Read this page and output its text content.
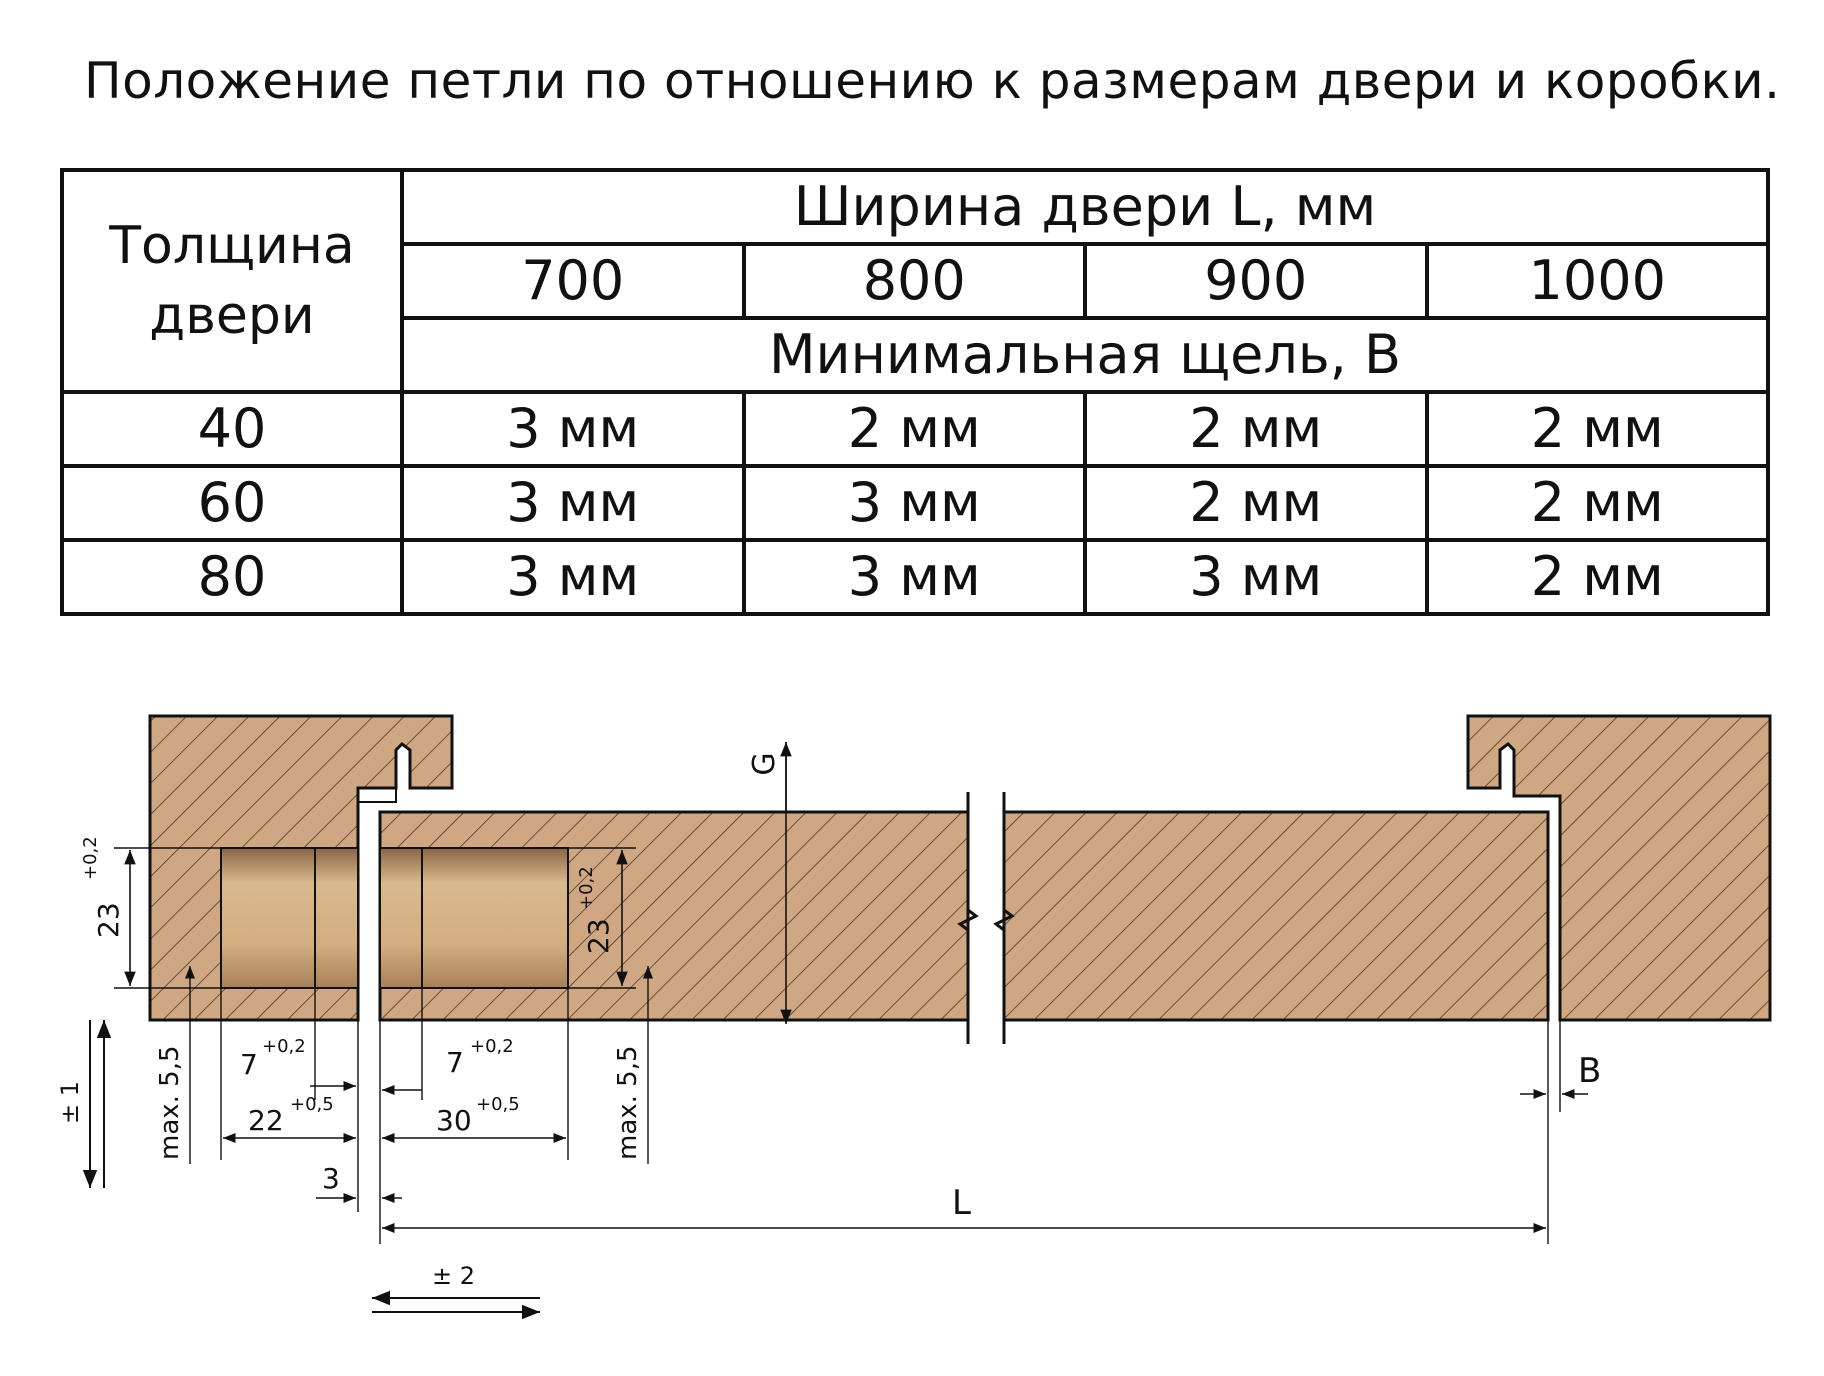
Положение петли по отношению к размерам двери и коробки.
Толщина
двери	Ширина двери L, мм			
	700	800	900	1000
	Минимальная щель, B			
40	3 мм	2 мм	2 мм	2 мм
60	3 мм	3 мм	2 мм	2 мм
80	3 мм	3 мм	3 мм	2 мм
G
23
+0,2
23
+0,2
max. 5,5	max. 5,5
7
+0,2	7 +0,2
22 +0,5	30 +0,5
3
L
B
± 1
± 2
